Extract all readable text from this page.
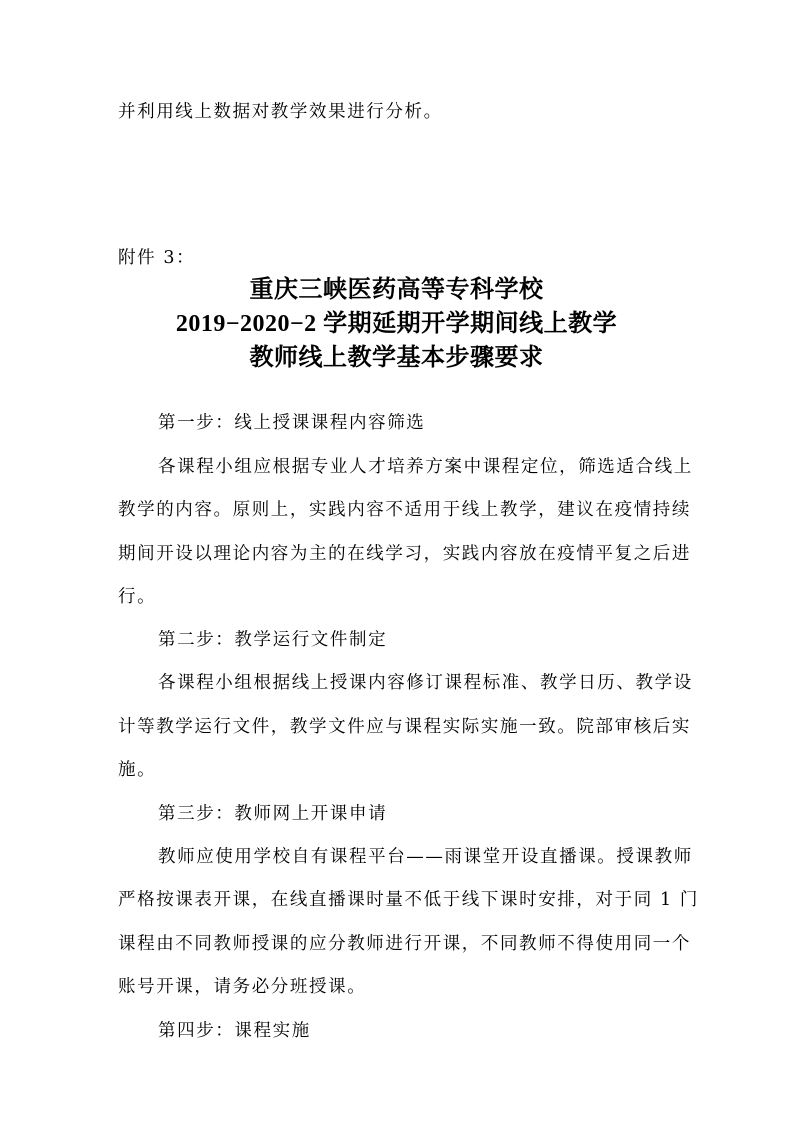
并利用线上数据对教学效果进行分析。
附件 3：
重庆三峡医药高等专科学校
2019−2020−2 学期延期开学期间线上教学
教师线上教学基本步骤要求
第一步：线上授课课程内容筛选
各课程小组应根据专业人才培养方案中课程定位，筛选适合线上
教学的内容。原则上，实践内容不适用于线上教学，建议在疫情持续
期间开设以理论内容为主的在线学习，实践内容放在疫情平复之后进
行。
第二步：教学运行文件制定
各课程小组根据线上授课内容修订课程标准、教学日历、教学设
计等教学运行文件，教学文件应与课程实际实施一致。院部审核后实
施。
第三步：教师网上开课申请
教师应使用学校自有课程平台——雨课堂开设直播课。授课教师
严格按课表开课，在线直播课时量不低于线下课时安排，对于同 1 门
课程由不同教师授课的应分教师进行开课，不同教师不得使用同一个
账号开课，请务必分班授课。
第四步：课程实施
